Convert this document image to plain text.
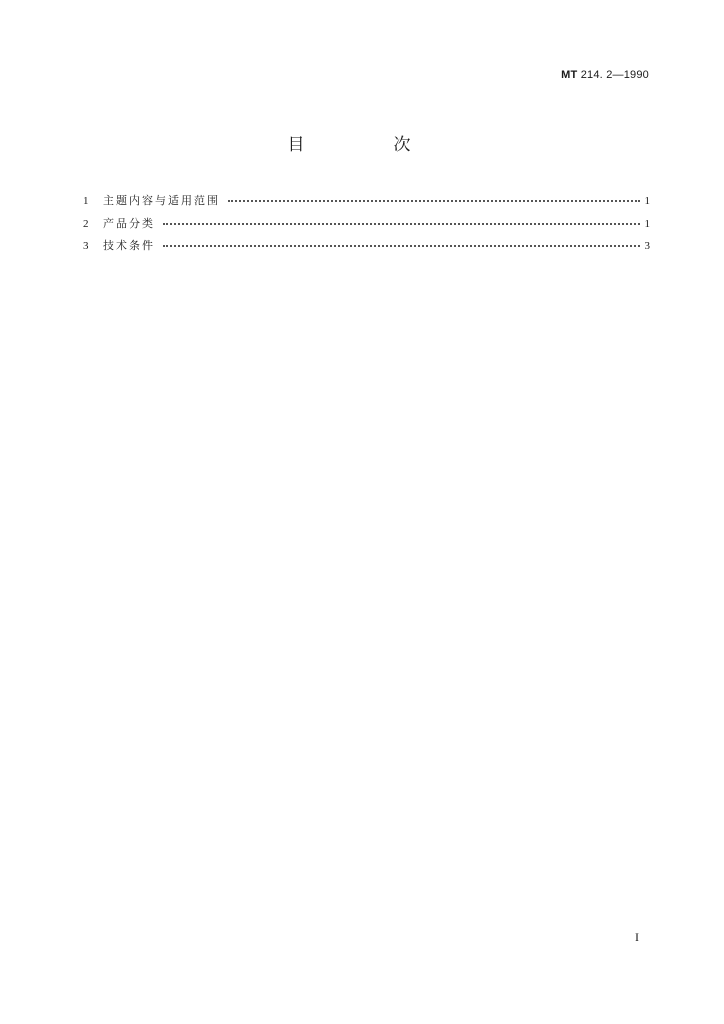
MT 214. 2—1990
目　次
1	主题内容与适用范围	1
2	产品分类	1
3	技术条件	3
I
